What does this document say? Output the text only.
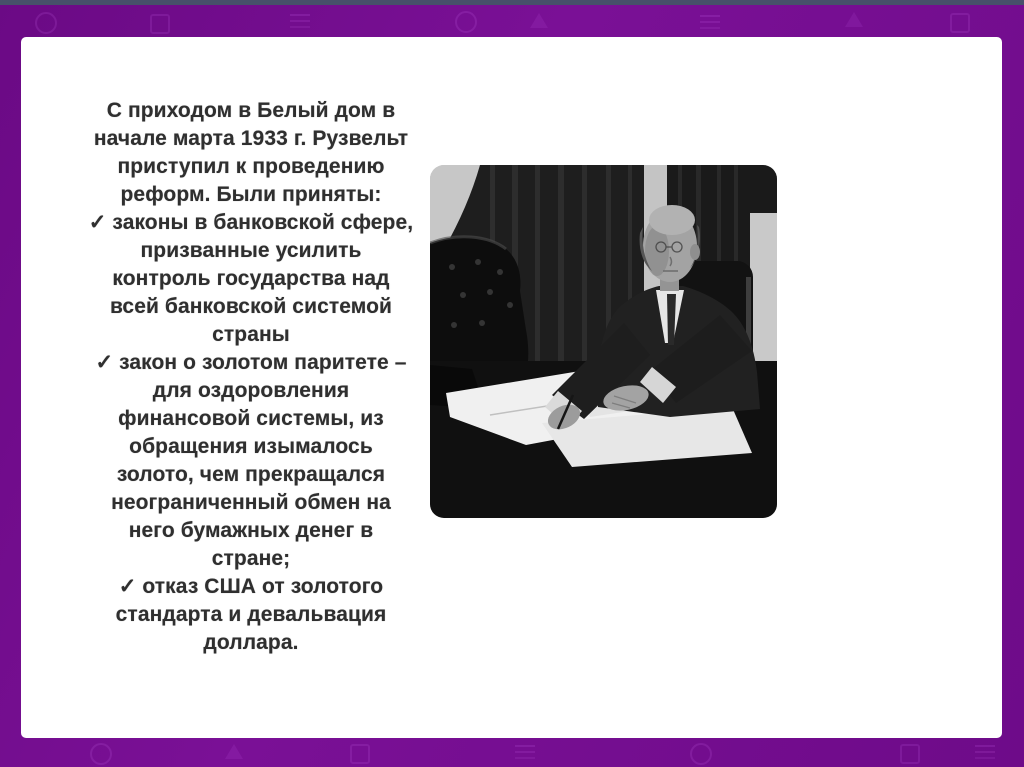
С приходом в Белый дом в
начале марта 1933 г. Рузвельт
приступил к проведению
реформ. Были приняты:
✓ законы в банковской сфере,
призванные усилить
контроль государства над
всей банковской системой
страны
✓ закон о золотом паритете –
для оздоровления
финансовой системы, из
обращения изымалось
золото, чем прекращался
неограниченный обмен на
него бумажных денег в
стране;
✓ отказ США от золотого
стандарта и девальвация
доллара.
